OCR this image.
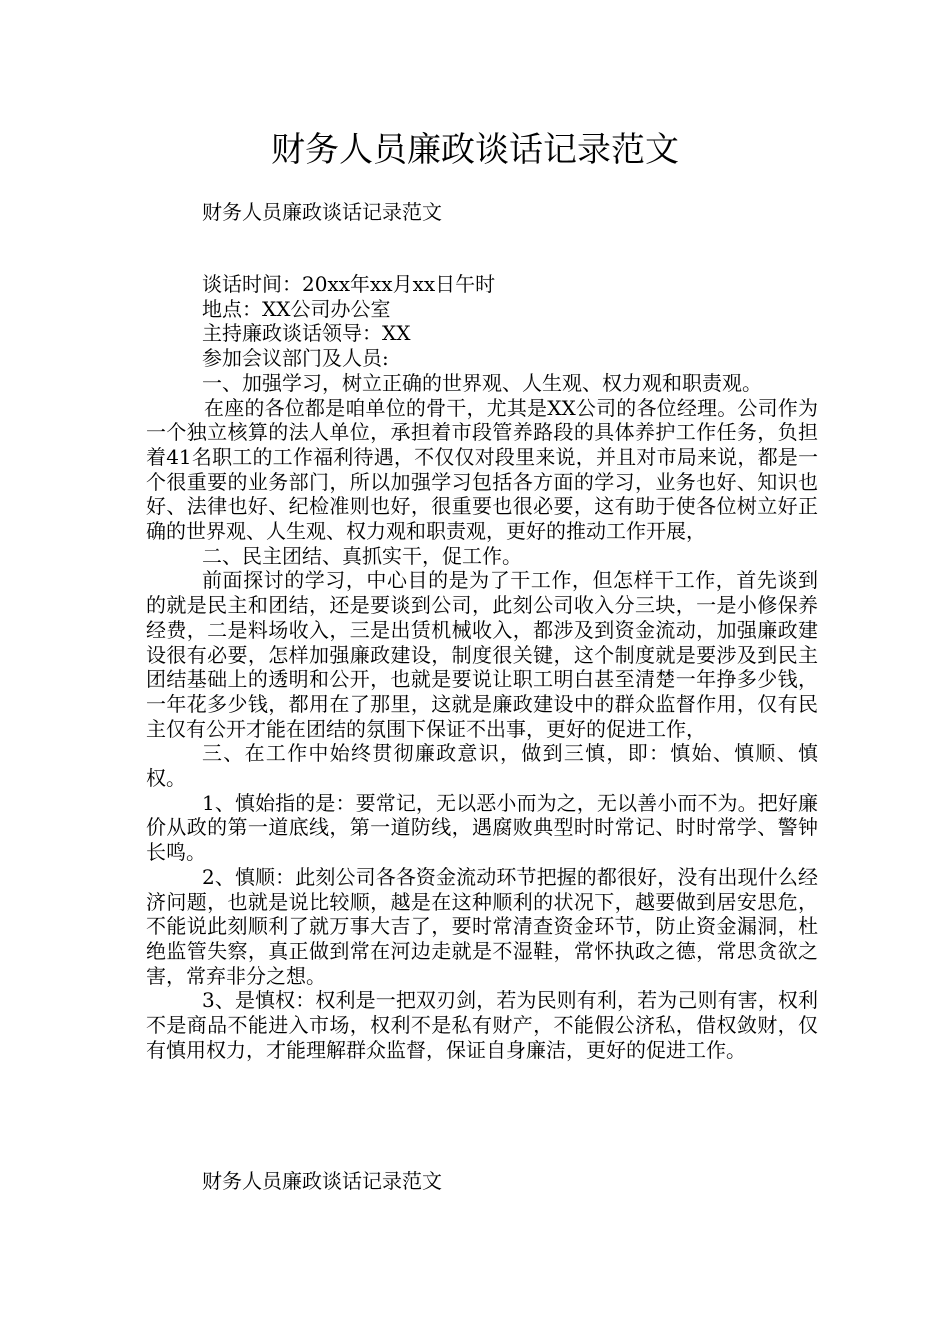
财务人员廉政谈话记录范文

财务人员廉政谈话记录范文

谈话时间：20xx年xx月xx日午时

地点：XX公司办公室

主持廉政谈话领导：XX

参加会议部门及人员:

一、加强学习，树立正确的世界观、人生观、权力观和职责观。

在座的各位都是咱单位的骨干，尤其是XX公司的各位经理。公司作为一个独立核算的法人单位，承担着市段管养路段的具体养护工作任务，负担着41名职工的工作福利待遇，不仅仅对段里来说，并且对市局来说，都是一个很重要的业务部门，所以加强学习包括各方面的学习，业务也好、知识也好、法律也好、纪检准则也好，很重要也很必要，这有助于使各位树立好正确的世界观、人生观、权力观和职责观，更好的推动工作开展，

二、民主团结、真抓实干，促工作。

前面探讨的学习，中心目的是为了干工作，但怎样干工作，首先谈到的就是民主和团结，还是要谈到公司，此刻公司收入分三块，一是小修保养经费，二是料场收入，三是出赁机械收入，都涉及到资金流动，加强廉政建设很有必要，怎样加强廉政建设，制度很关键，这个制度就是要涉及到民主团结基础上的透明和公开，也就是要说让职工明白甚至清楚一年挣多少钱，一年花多少钱，都用在了那里，这就是廉政建设中的群众监督作用，仅有民主仅有公开才能在团结的氛围下保证不出事，更好的促进工作，

三、在工作中始终贯彻廉政意识，做到三慎，即：慎始、慎顺、慎权。

1、慎始指的是：要常记，无以恶小而为之，无以善小而不为。把好廉价从政的第一道底线，第一道防线，遇腐败典型时时常记、时时常学、警钟长鸣。

2、慎顺：此刻公司各各资金流动环节把握的都很好，没有出现什么经济问题，也就是说比较顺，越是在这种顺利的状况下，越要做到居安思危，不能说此刻顺利了就万事大吉了，要时常清查资金环节，防止资金漏洞，杜绝监管失察，真正做到常在河边走就是不湿鞋，常怀执政之德，常思贪欲之害，常弃非分之想。

3、是慎权：权利是一把双刃剑，若为民则有利，若为己则有害，权利不是商品不能进入市场，权利不是私有财产，不能假公济私，借权敛财，仅有慎用权力，才能理解群众监督，保证自身廉洁，更好的促进工作。

财务人员廉政谈话记录范文
